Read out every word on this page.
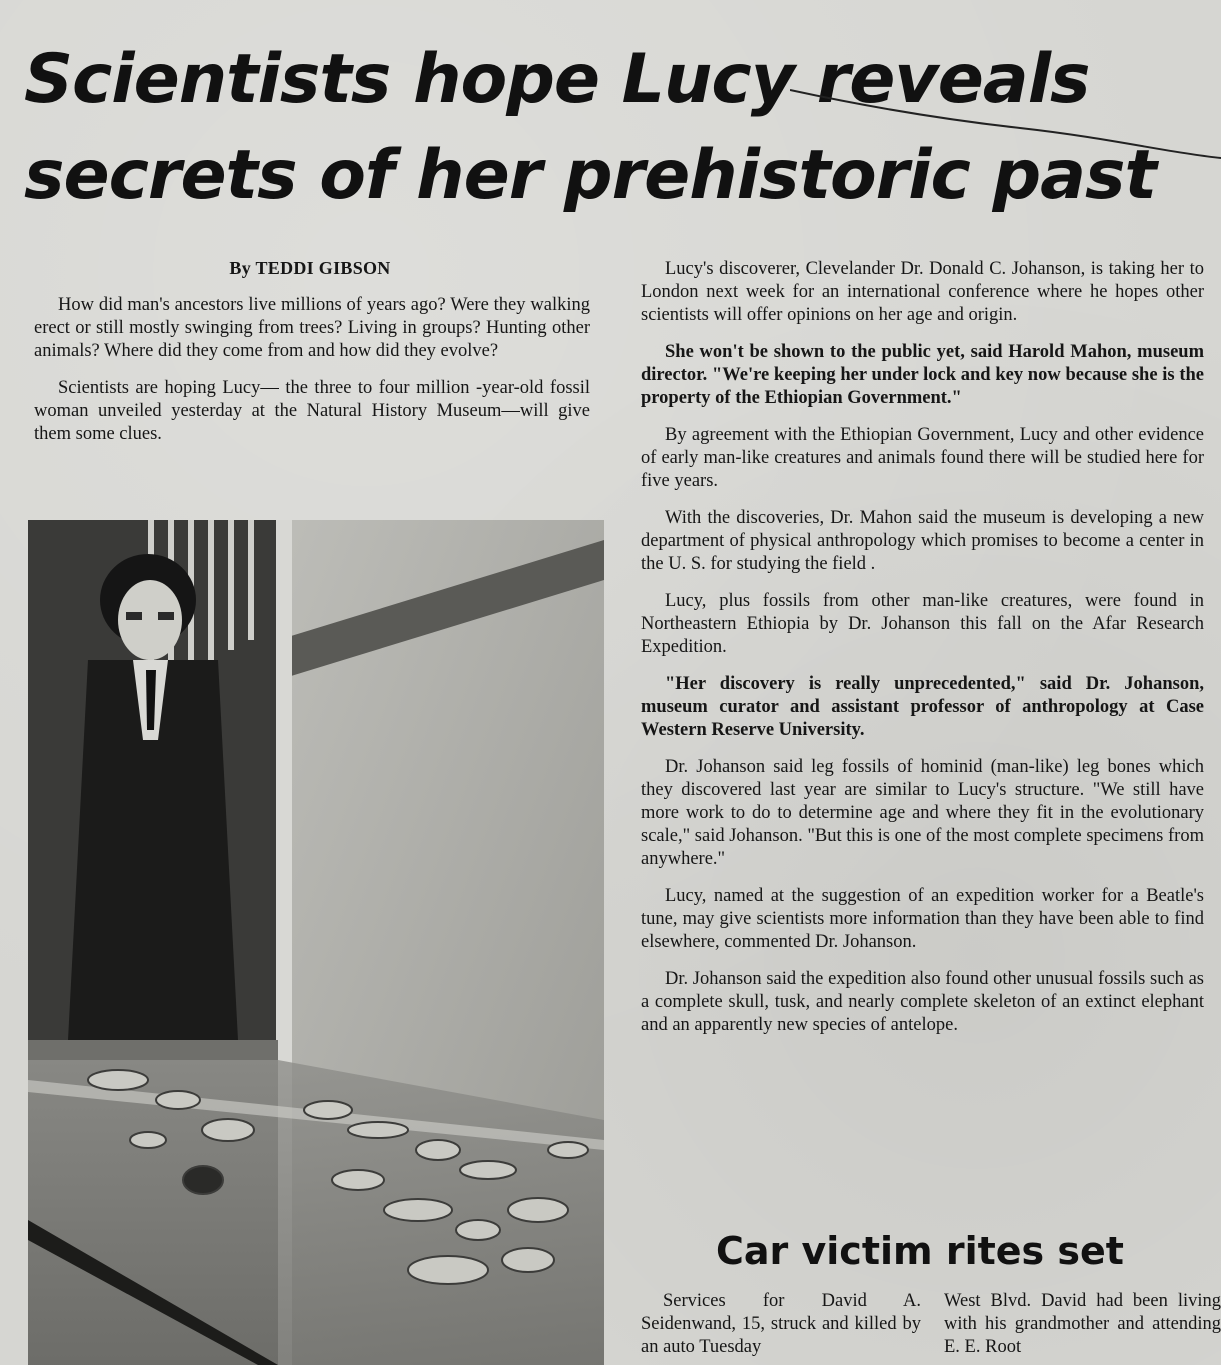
Scientists hope Lucy reveals
secrets of her prehistoric past
By TEDDI GIBSON

How did man's ancestors live millions of years ago? Were they walking erect or still mostly swinging from trees? Living in groups? Hunting other animals? Where did they come from and how did they evolve?

Scientists are hoping Lucy— the three to four million -year-old fossil woman unveiled yesterday at the Natural History Museum—will give them some clues.

Lucy's discoverer, Clevelander Dr. Donald C. Johanson, is taking her to London next week for an international conference where he hopes other scientists will offer opinions on her age and origin.

She won't be shown to the public yet, said Harold Mahon, museum director. "We're keeping her under lock and key now because she is the property of the Ethiopian Government."

By agreement with the Ethiopian Government, Lucy and other evidence of early man-like creatures and animals found there will be studied here for five years.

With the discoveries, Dr. Mahon said the museum is developing a new department of physical anthropology which promises to become a center in the U. S. for studying the field .

Lucy, plus fossils from other man-like creatures, were found in Northeastern Ethiopia by Dr. Johanson this fall on the Afar Research Expedition.

"Her discovery is really unprecedented," said Dr. Johanson, museum curator and assistant professor of anthropology at Case Western Reserve University.

Dr. Johanson said leg fossils of hominid (man-like) leg bones which they discovered last year are similar to Lucy's structure. "We still have more work to do to determine age and where they fit in the evolutionary scale," said Johanson. "But this is one of the most complete specimens from anywhere."

Lucy, named at the suggestion of an expedition worker for a Beatle's tune, may give scientists more information than they have been able to find elsewhere, commented Dr. Johanson.

Dr. Johanson said the expedition also found other unusual fossils such as a complete skull, tusk, and nearly complete skeleton of an extinct elephant and an apparently new species of antelope.

Car victim rites set

Services for David A. Seidenwand, 15, struck and killed by an auto Tuesday

West Blvd. David had been living with his grandmother and attending E. E. Root
